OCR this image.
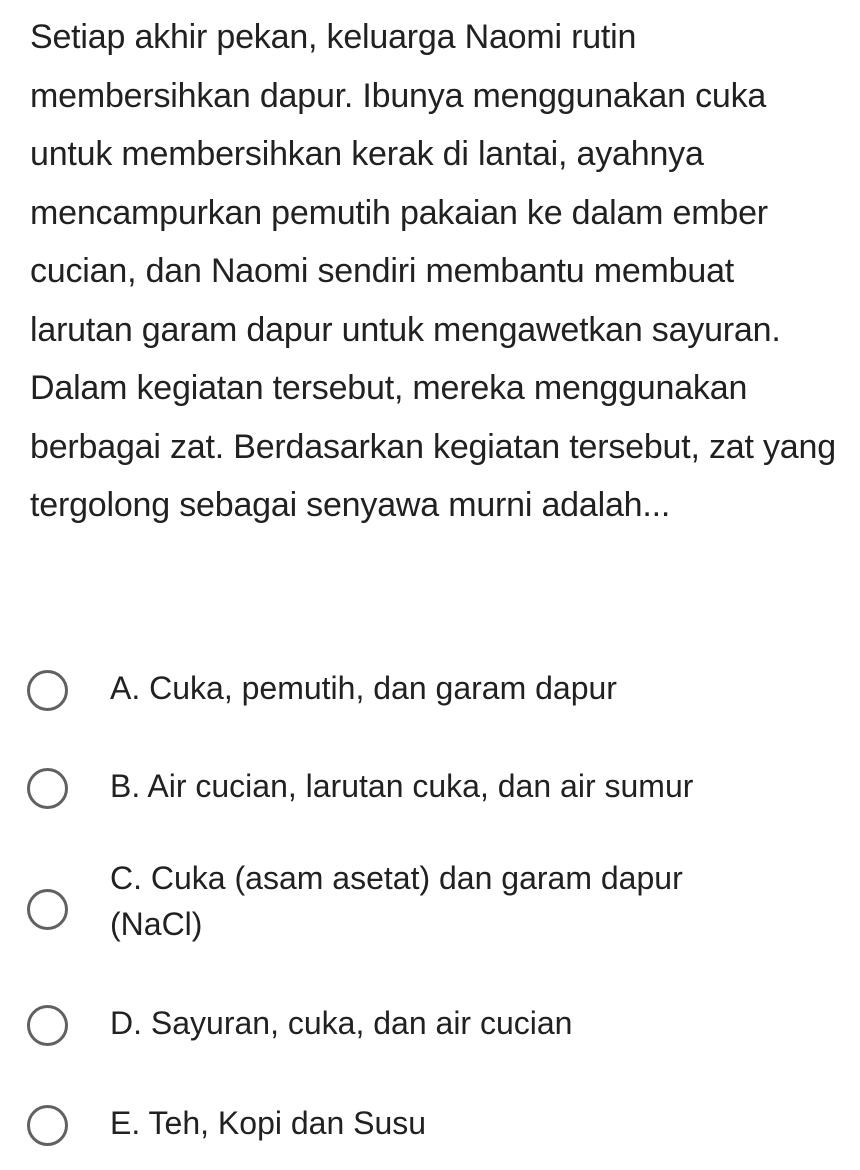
Setiap akhir pekan, keluarga Naomi rutin membersihkan dapur. Ibunya menggunakan cuka untuk membersihkan kerak di lantai, ayahnya mencampurkan pemutih pakaian ke dalam ember cucian, dan Naomi sendiri membantu membuat larutan garam dapur untuk mengawetkan sayuran. Dalam kegiatan tersebut, mereka menggunakan berbagai zat. Berdasarkan kegiatan tersebut, zat yang tergolong sebagai senyawa murni adalah...

A. Cuka, pemutih, dan garam dapur
B. Air cucian, larutan cuka, dan air sumur
C. Cuka (asam asetat) dan garam dapur (NaCl)
D. Sayuran, cuka, dan air cucian
E. Teh, Kopi dan Susu
